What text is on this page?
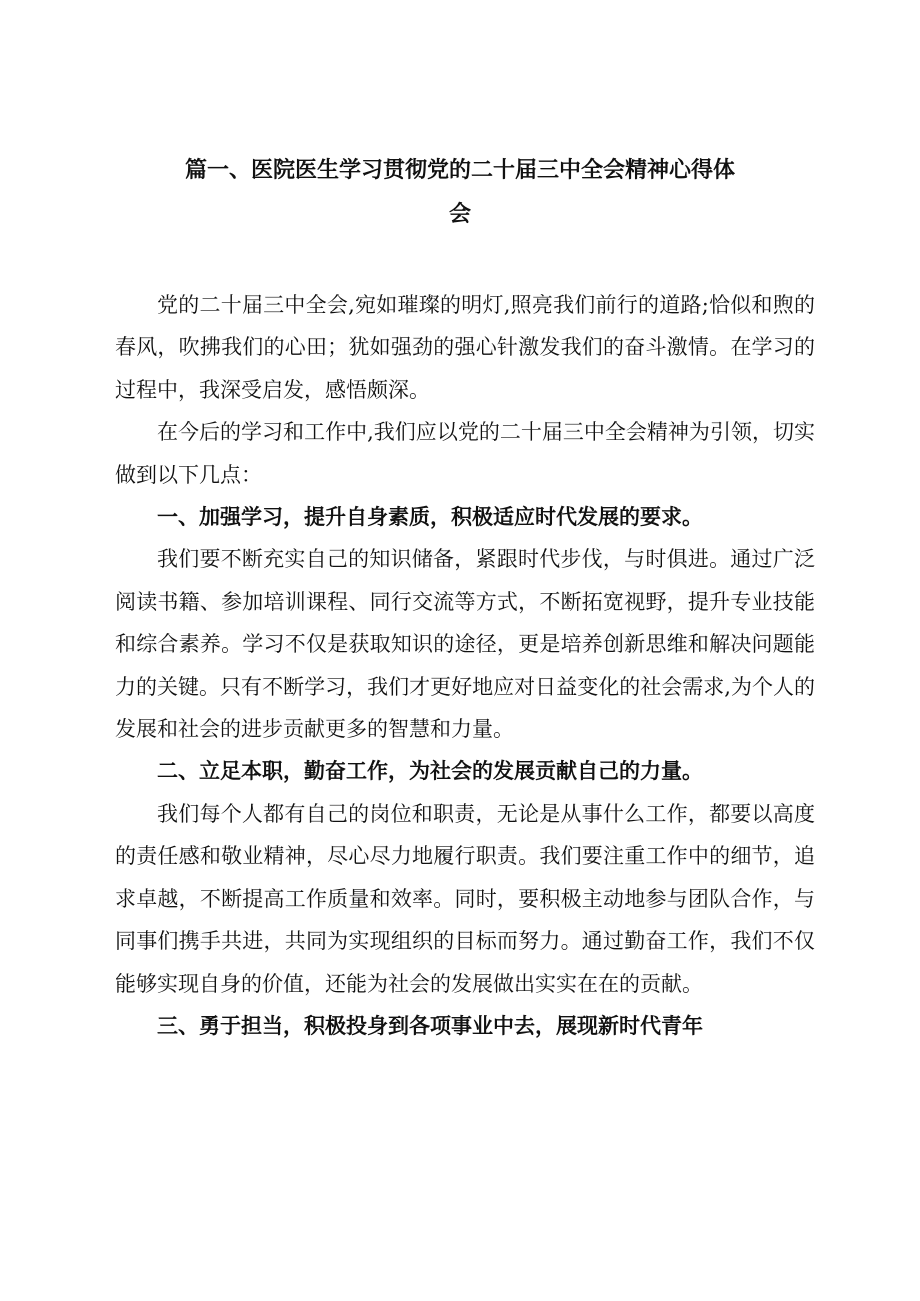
篇一、医院医生学习贯彻党的二十届三中全会精神心得体
会

党的二十届三中全会,宛如璀璨的明灯,照亮我们前行的道路;恰似和煦的春风，吹拂我们的心田；犹如强劲的强心针激发我们的奋斗激情。在学习的过程中，我深受启发，感悟颇深。

在今后的学习和工作中,我们应以党的二十届三中全会精神为引领，切实做到以下几点：

一、加强学习，提升自身素质，积极适应时代发展的要求。

我们要不断充实自己的知识储备，紧跟时代步伐，与时俱进。通过广泛阅读书籍、参加培训课程、同行交流等方式，不断拓宽视野，提升专业技能和综合素养。学习不仅是获取知识的途径，更是培养创新思维和解决问题能力的关键。只有不断学习，我们才更好地应对日益变化的社会需求,为个人的发展和社会的进步贡献更多的智慧和力量。

二、立足本职，勤奋工作，为社会的发展贡献自己的力量。

我们每个人都有自己的岗位和职责，无论是从事什么工作，都要以高度的责任感和敬业精神，尽心尽力地履行职责。我们要注重工作中的细节，追求卓越，不断提高工作质量和效率。同时，要积极主动地参与团队合作，与同事们携手共进，共同为实现组织的目标而努力。通过勤奋工作，我们不仅能够实现自身的价值，还能为社会的发展做出实实在在的贡献。

三、勇于担当，积极投身到各项事业中去，展现新时代青年
